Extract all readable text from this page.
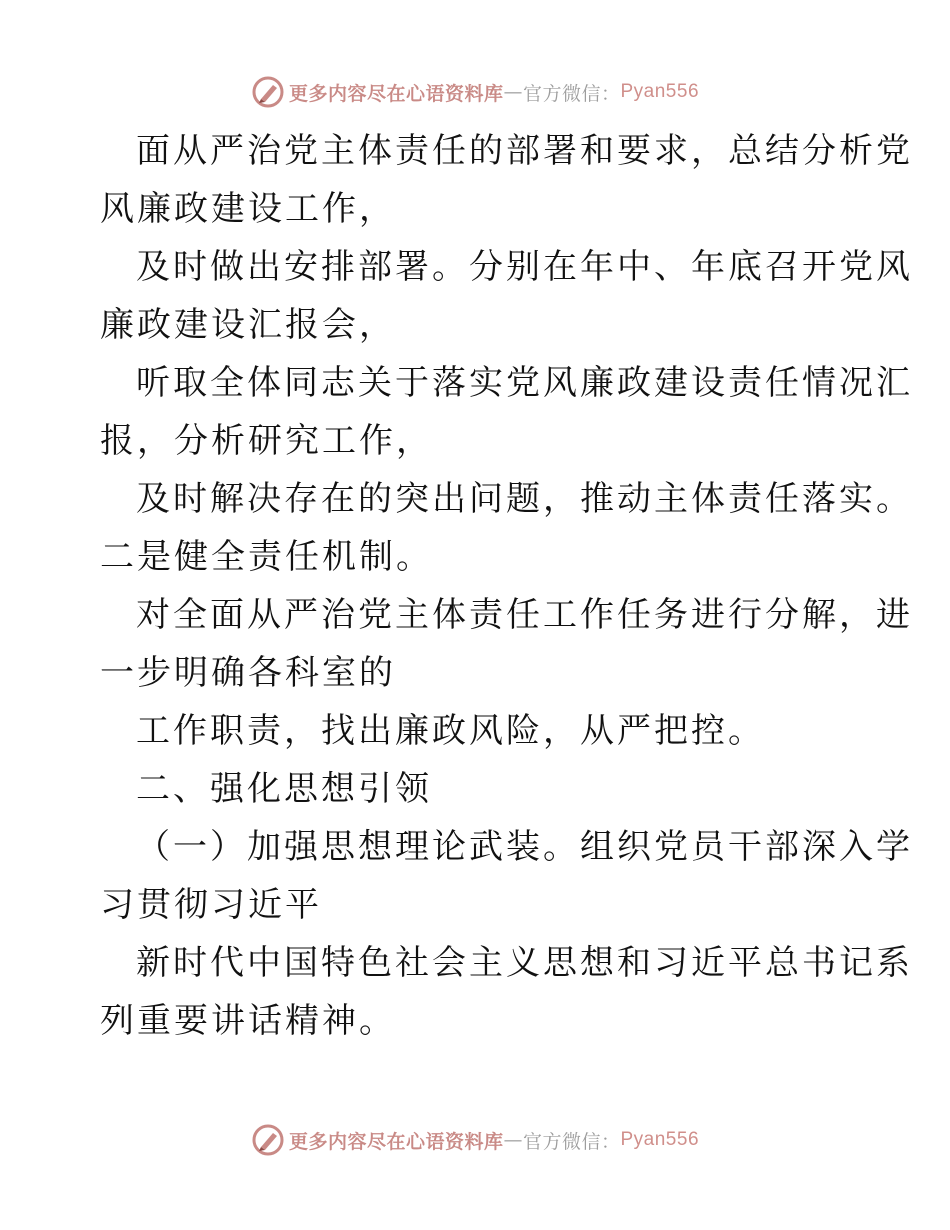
更多内容尽在心语资料库 — 官方微信： Pyan556
面从严治党主体责任的部署和要求，总结分析党
风廉政建设工作，
及时做出安排部署。分别在年中、年底召开党风
廉政建设汇报会，
听取全体同志关于落实党风廉政建设责任情况汇
报，分析研究工作，
及时解决存在的突出问题，推动主体责任落实。
二是健全责任机制。
对全面从严治党主体责任工作任务进行分解，进
一步明确各科室的
工作职责，找出廉政风险，从严把控。
二、强化思想引领
（一）加强思想理论武装。组织党员干部深入学
习贯彻习近平
新时代中国特色社会主义思想和习近平总书记系
列重要讲话精神。
更多内容尽在心语资料库 — 官方微信： Pyan556
